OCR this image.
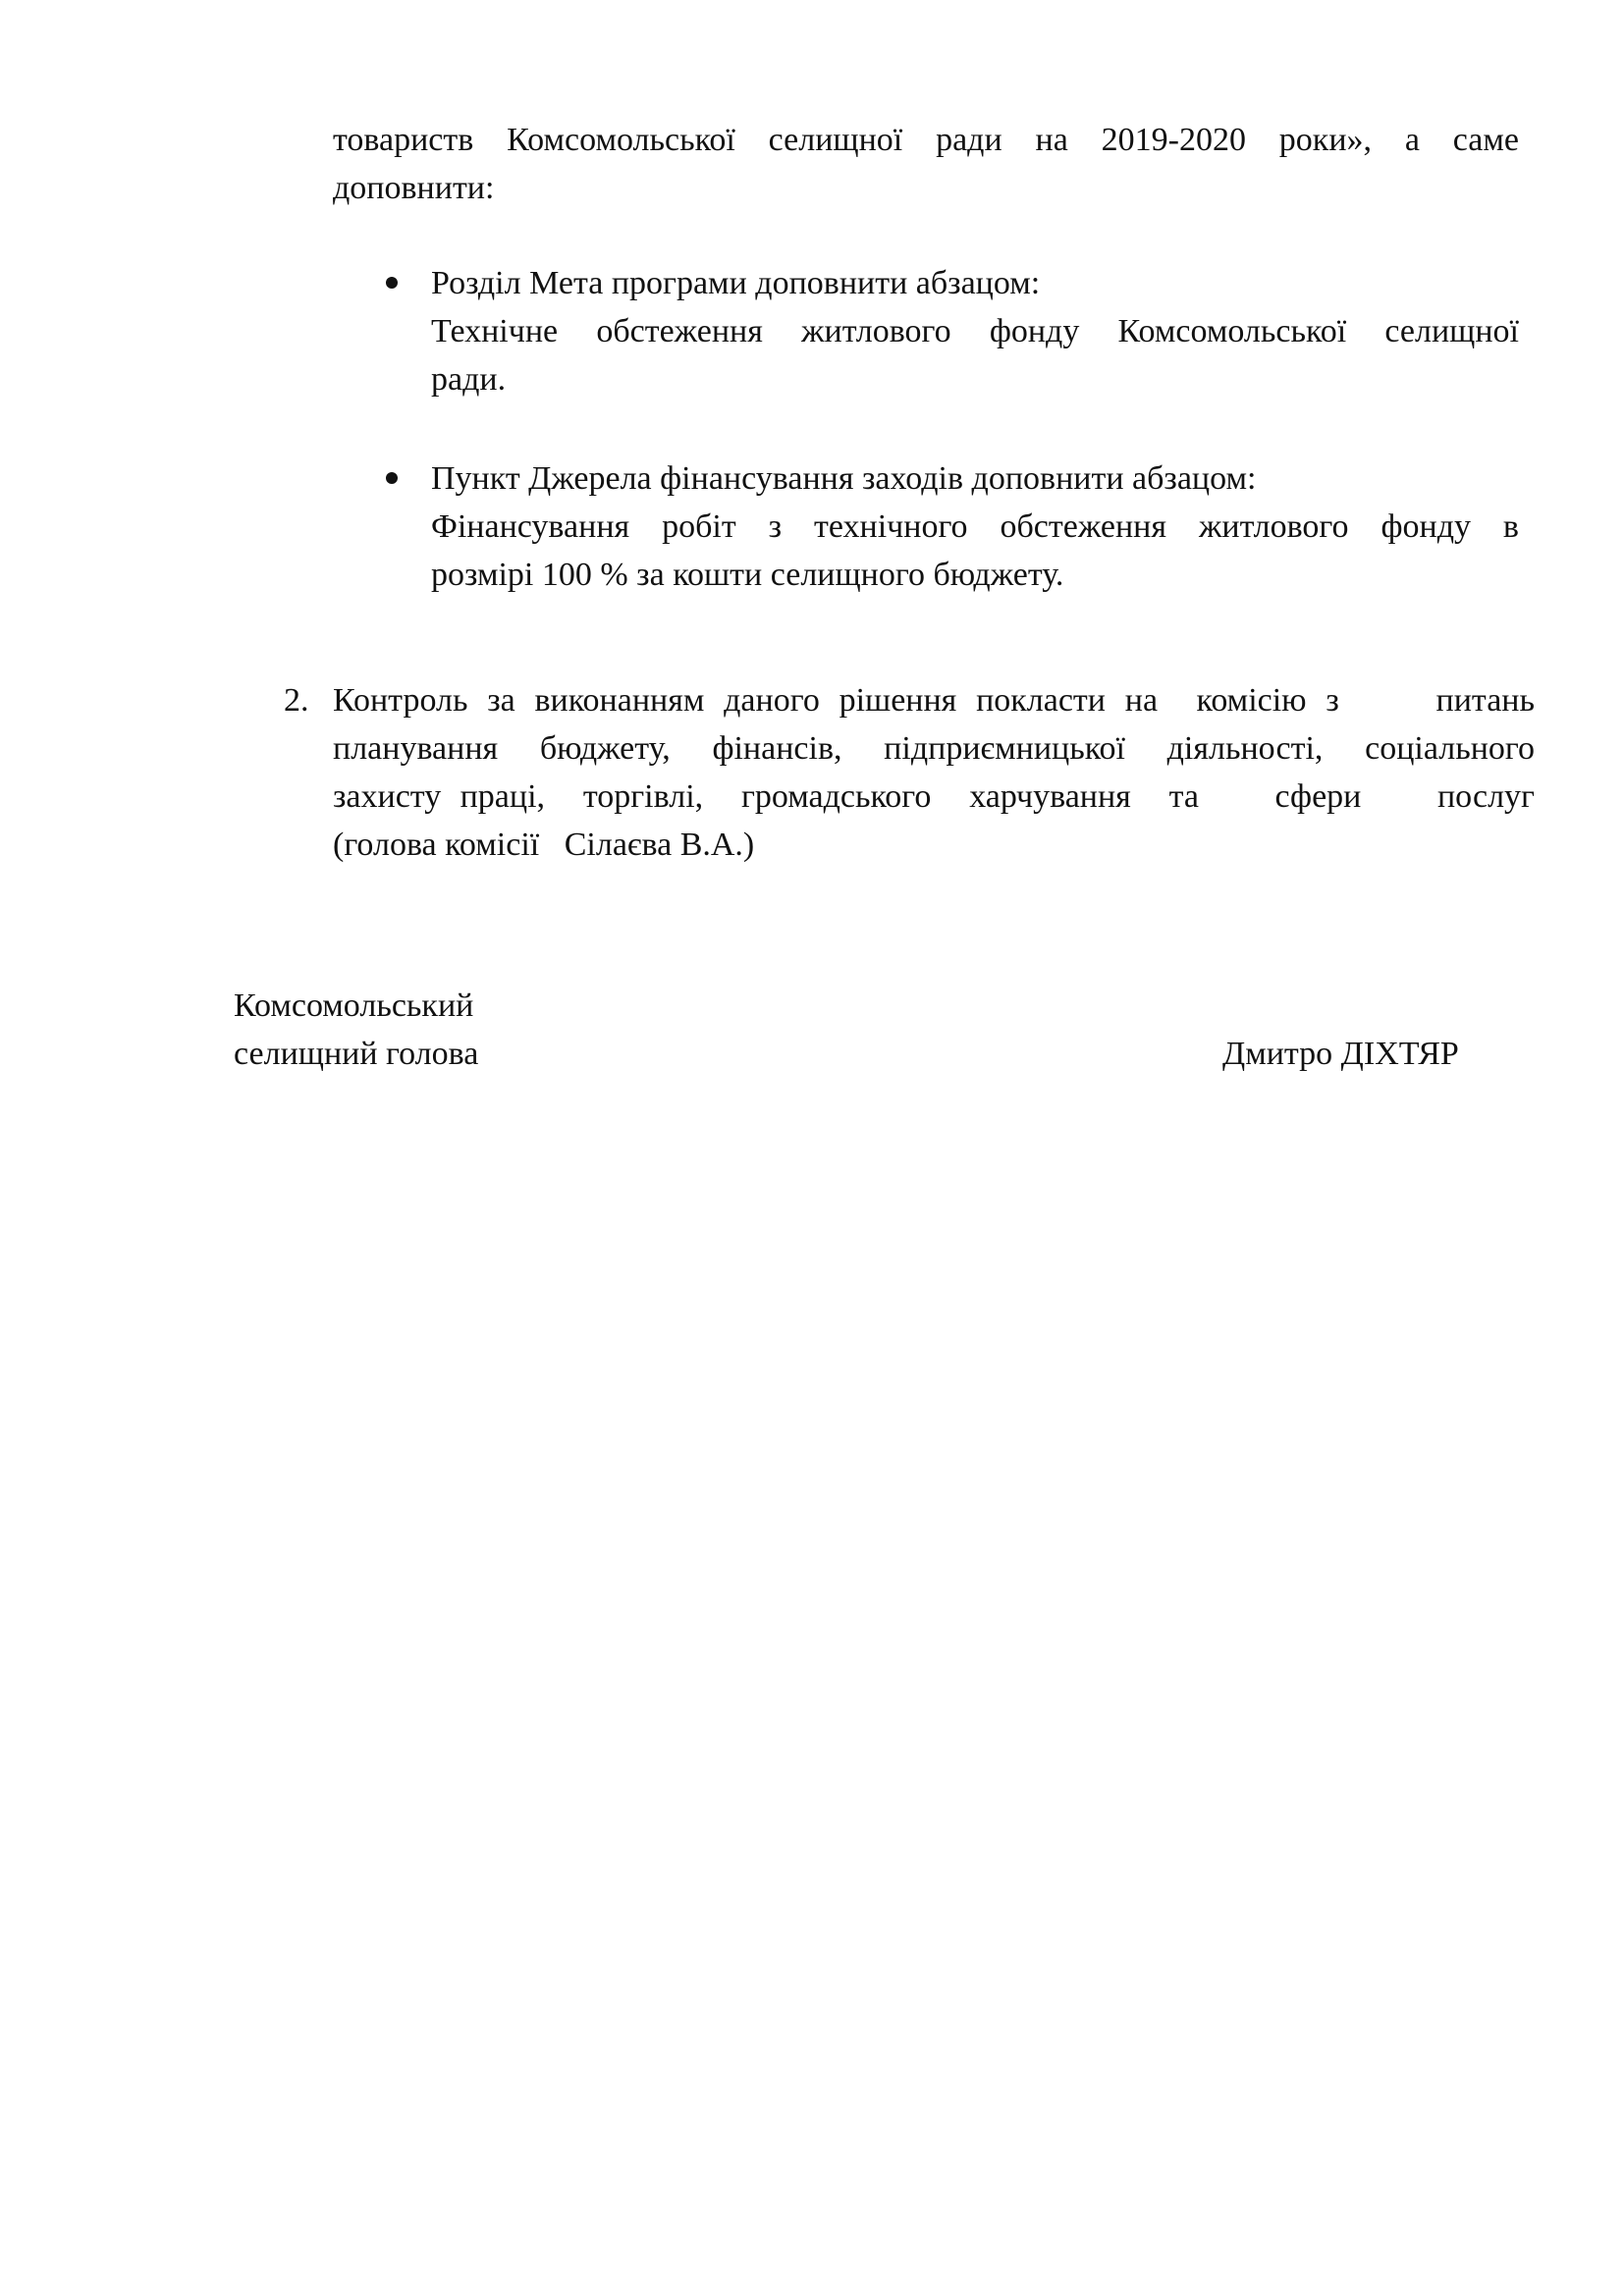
товариств Комсомольської селищної ради на 2019-2020 роки», а саме
доповнити:
Розділ Мета програми доповнити абзацом:
Технічне обстеження житлового фонду Комсомольської селищної
ради.
Пункт Джерела фінансування заходів доповнити абзацом:
Фінансування робіт з технічного обстеження житлового фонду в
розмірі 100 % за кошти селищного бюджету.
2. Контроль за виконанням даного рішення покласти на  комісію з     питань
планування бюджету, фінансів, підприємницької діяльності, соціального
захисту праці,  торгівлі,  громадського  харчування  та    сфери    послуг
(голова комісії   Сілаєва В.А.)
Комсомольський
селищний голова	Дмитро ДІХТЯР
